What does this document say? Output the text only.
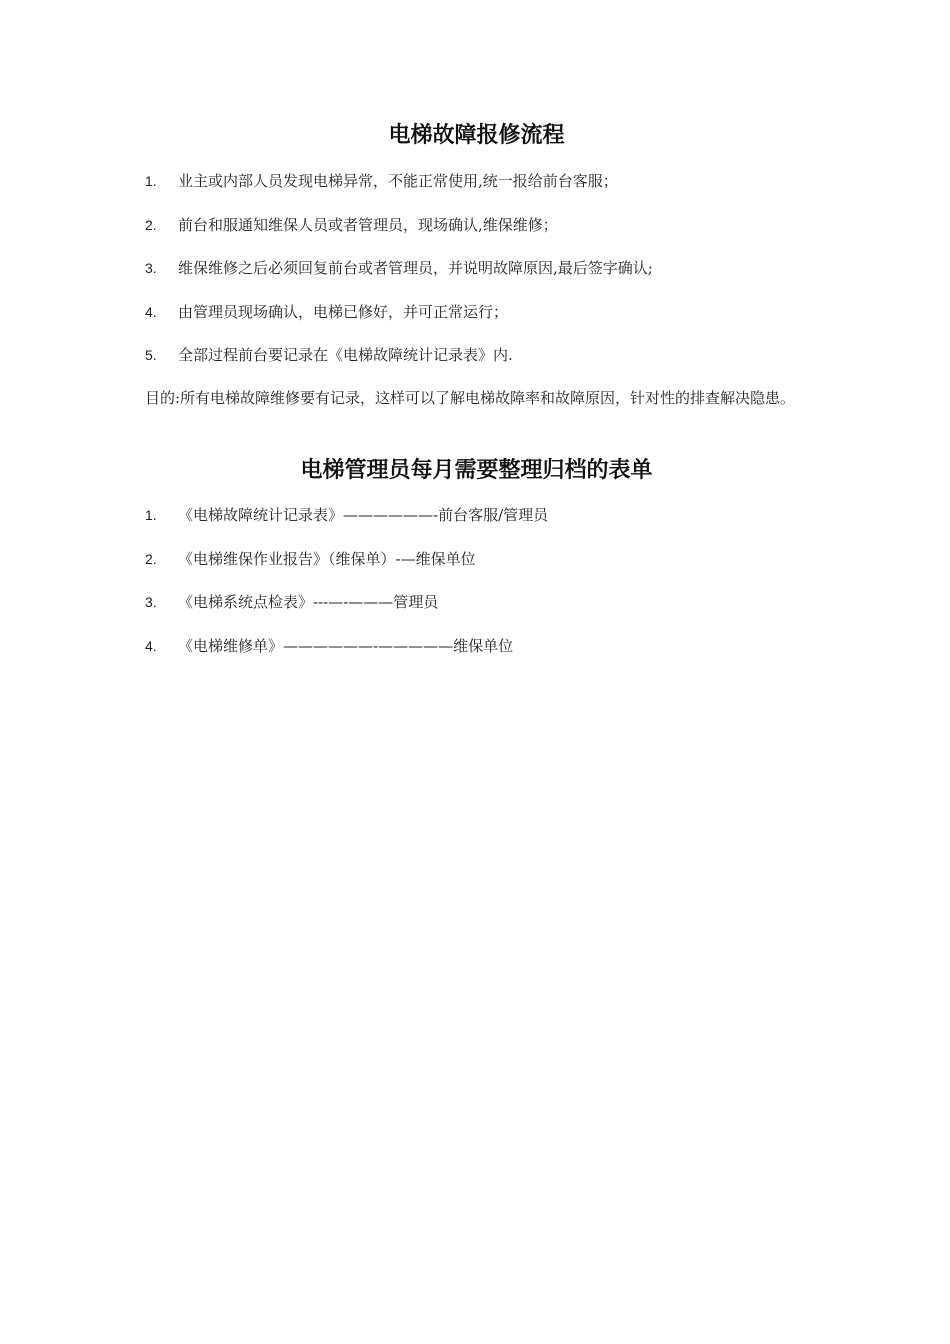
电梯故障报修流程
1.	业主或内部人员发现电梯异常，不能正常使用,统一报给前台客服；
2.	前台和服通知维保人员或者管理员，现场确认,维保维修；
3.	维保维修之后必须回复前台或者管理员，并说明故障原因,最后签字确认;
4.	由管理员现场确认，电梯已修好，并可正常运行；
5.	全部过程前台要记录在《电梯故障统计记录表》内.

目的:所有电梯故障维修要有记录，这样可以了解电梯故障率和故障原因，针对性的排查解决隐患。

电梯管理员每月需要整理归档的表单
1.	《电梯故障统计记录表》——————-前台客服/管理员
2.	《电梯维保作业报告》（维保单）-—维保单位
3.	《电梯系统点检表》---—-———管理员
4.	《电梯维修单》——————-—————维保单位
